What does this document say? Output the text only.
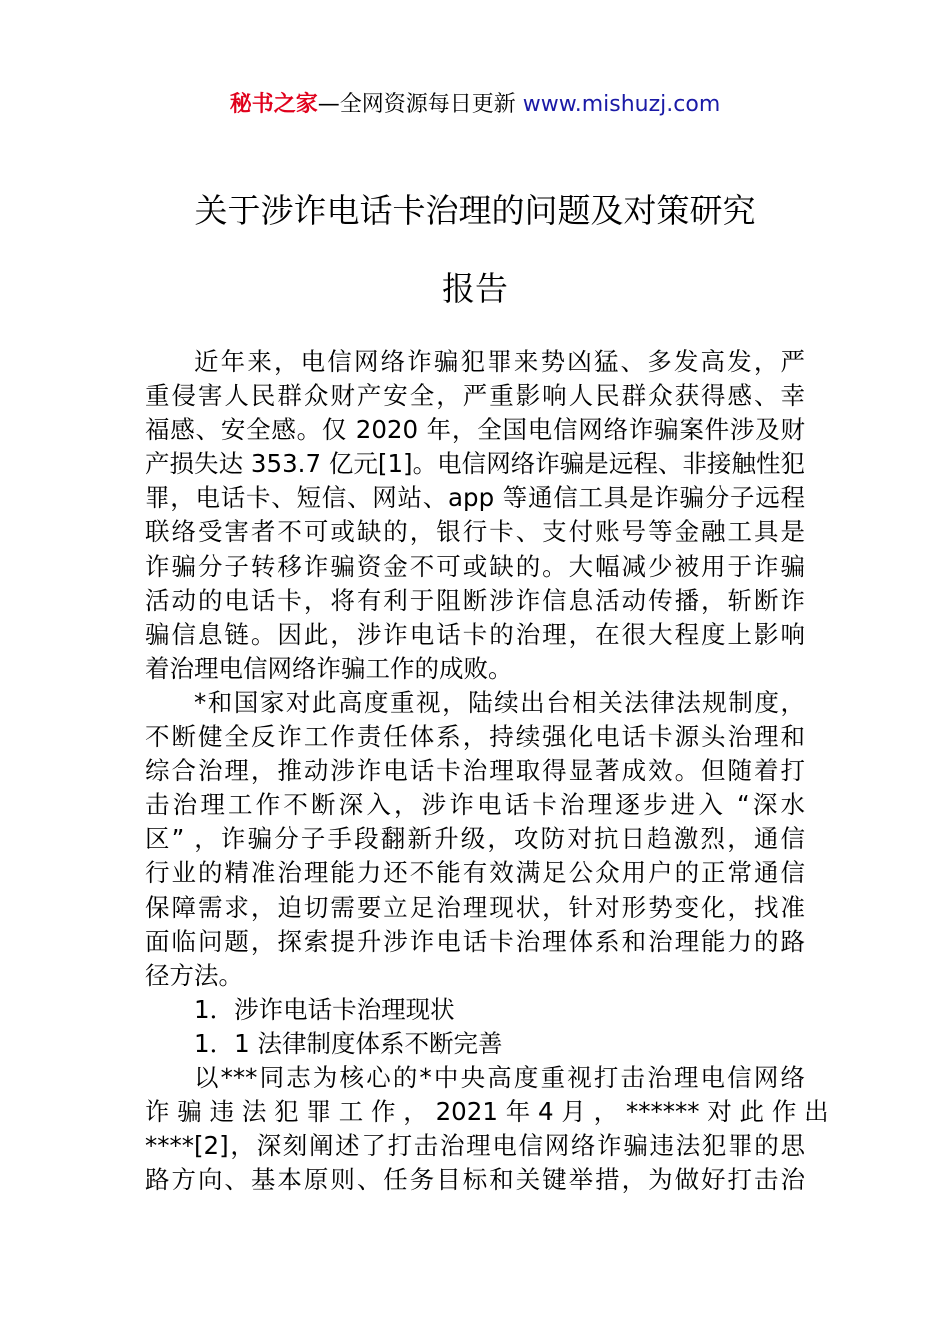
秘书之家—全网资源每日更新 www.mishuzj.com
关于涉诈电话卡治理的问题及对策研究
报告
近年来，电信网络诈骗犯罪来势凶猛、多发高发，严
重侵害人民群众财产安全，严重影响人民群众获得感、幸
福感、安全感。仅 2020 年，全国电信网络诈骗案件涉及财
产损失达 353.7 亿元[1]。电信网络诈骗是远程、非接触性犯
罪，电话卡、短信、网站、app 等通信工具是诈骗分子远程
联络受害者不可或缺的，银行卡、支付账号等金融工具是
诈骗分子转移诈骗资金不可或缺的。大幅减少被用于诈骗
活动的电话卡，将有利于阻断涉诈信息活动传播，斩断诈
骗信息链。因此，涉诈电话卡的治理，在很大程度上影响
着治理电信网络诈骗工作的成败。
*和国家对此高度重视，陆续出台相关法律法规制度，
不断健全反诈工作责任体系，持续强化电话卡源头治理和
综合治理，推动涉诈电话卡治理取得显著成效。但随着打
击治理工作不断深入，涉诈电话卡治理逐步进入 “深水
区” ，诈骗分子手段翻新升级，攻防对抗日趋激烈，通信
行业的精准治理能力还不能有效满足公众用户的正常通信
保障需求，迫切需要立足治理现状，针对形势变化，找准
面临问题，探索提升涉诈电话卡治理体系和治理能力的路
径方法。
1．涉诈电话卡治理现状
1．1 法律制度体系不断完善
以***同志为核心的*中央高度重视打击治理电信网络
诈 骗 违 法 犯 罪 工 作 ， 2021 年 4 月 ， ****** 对 此 作 出
****[2]，深刻阐述了打击治理电信网络诈骗违法犯罪的思
路方向、基本原则、任务目标和关键举措，为做好打击治
